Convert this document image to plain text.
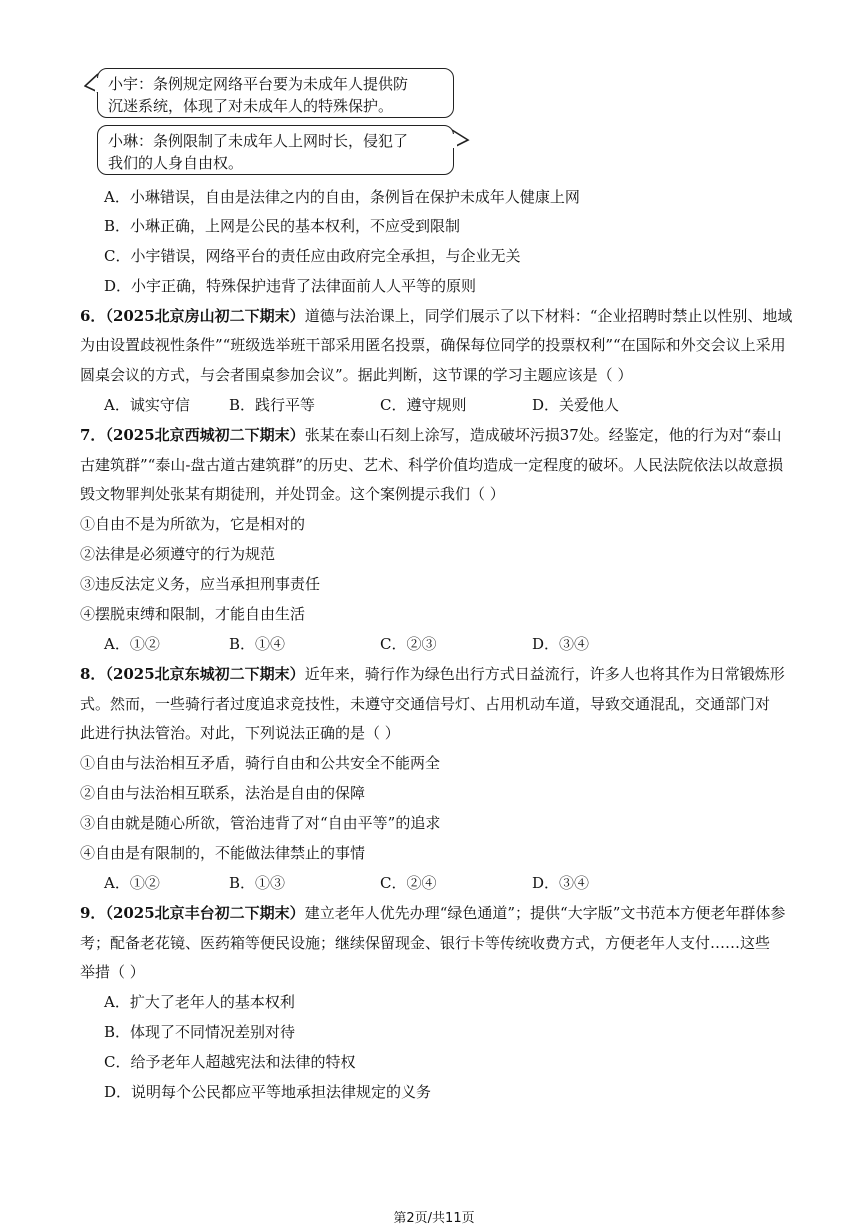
小宇：条例规定网络平台要为未成年人提供防
沉迷系统，体现了对未成年人的特殊保护。
小琳：条例限制了未成年人上网时长，侵犯了
我们的人身自由权。
A．小琳错误，自由是法律之内的自由，条例旨在保护未成年人健康上网
B．小琳正确，上网是公民的基本权利，不应受到限制
C．小宇错误，网络平台的责任应由政府完全承担，与企业无关
D．小宇正确，特殊保护违背了法律面前人人平等的原则
6．（2025北京房山初二下期末）道德与法治课上，同学们展示了以下材料：“企业招聘时禁止以性别、地域
为由设置歧视性条件”“班级选举班干部采用匿名投票，确保每位同学的投票权利”“在国际和外交会议上采用
圆桌会议的方式，与会者围桌参加会议”。据此判断，这节课的学习主题应该是（ ）
A．诚实守信	B．践行平等	C．遵守规则	D．关爱他人
7．（2025北京西城初二下期末）张某在泰山石刻上涂写，造成破坏污损37处。经鉴定，他的行为对“泰山
古建筑群”“泰山-盘古道古建筑群”的历史、艺术、科学价值均造成一定程度的破坏。人民法院依法以故意损
毁文物罪判处张某有期徒刑，并处罚金。这个案例提示我们（ ）
①自由不是为所欲为，它是相对的
②法律是必须遵守的行为规范
③违反法定义务，应当承担刑事责任
④摆脱束缚和限制，才能自由生活
A．①②	B．①④	C．②③	D．③④
8．（2025北京东城初二下期末）近年来，骑行作为绿色出行方式日益流行，许多人也将其作为日常锻炼形
式。然而，一些骑行者过度追求竞技性，未遵守交通信号灯、占用机动车道，导致交通混乱，交通部门对
此进行执法管治。对此，下列说法正确的是（ ）
①自由与法治相互矛盾，骑行自由和公共安全不能两全
②自由与法治相互联系，法治是自由的保障
③自由就是随心所欲，管治违背了对“自由平等”的追求
④自由是有限制的，不能做法律禁止的事情
A．①②	B．①③	C．②④	D．③④
9．（2025北京丰台初二下期末）建立老年人优先办理“绿色通道”；提供“大字版”文书范本方便老年群体参
考；配备老花镜、医药箱等便民设施；继续保留现金、银行卡等传统收费方式，方便老年人支付……这些
举措（ ）
A．扩大了老年人的基本权利
B．体现了不同情况差别对待
C．给予老年人超越宪法和法律的特权
D．说明每个公民都应平等地承担法律规定的义务
第2页/共11页
